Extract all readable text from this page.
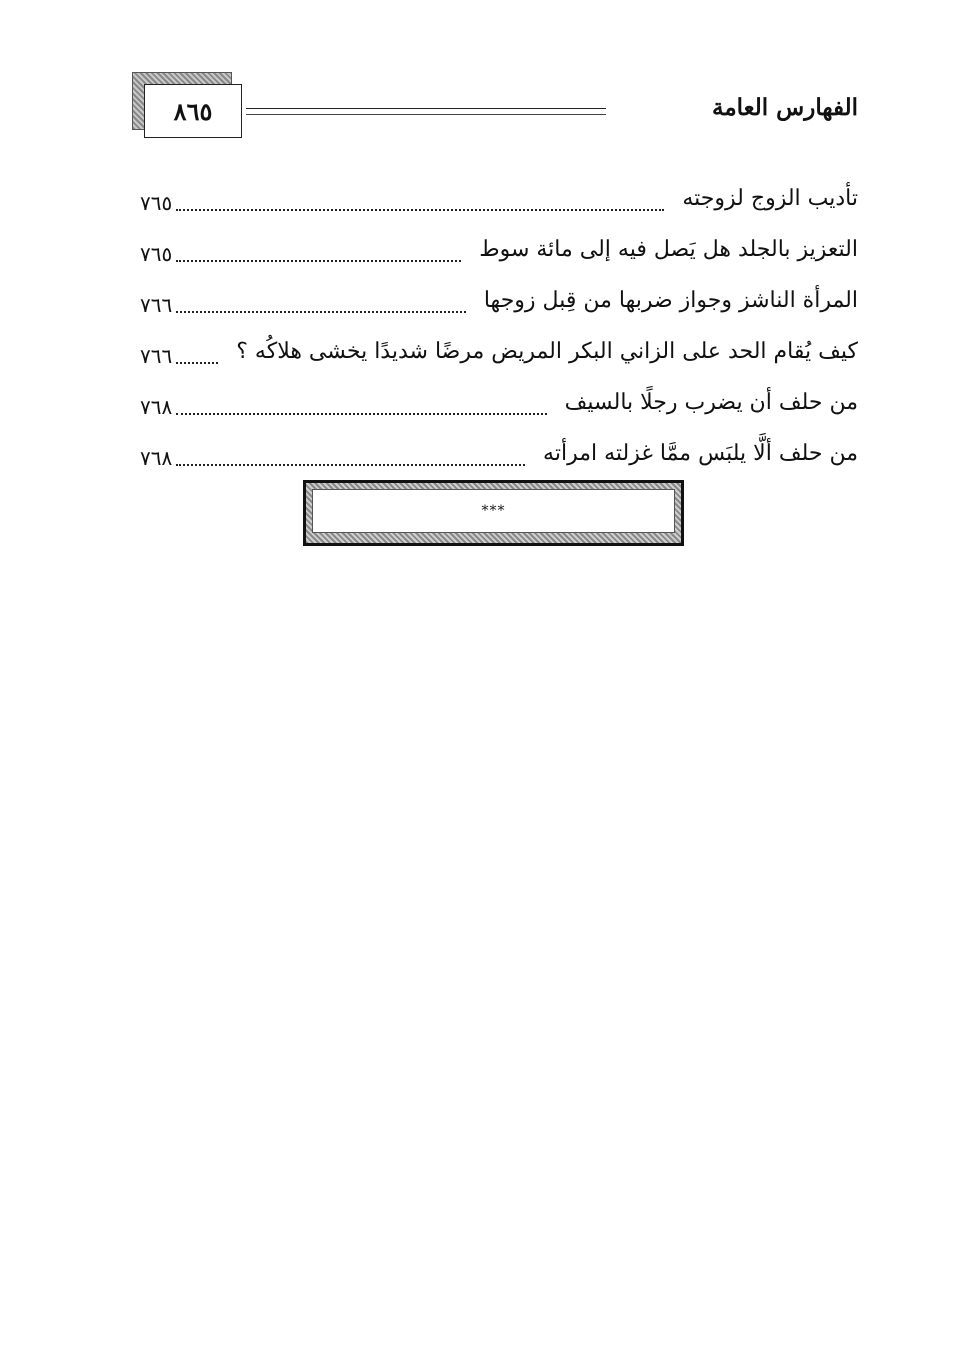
٨٦٥	الفهارس العامة
تأديب الزوج لزوجته
٧٦٥
التعزيز بالجلد هل يَصل فيه إلى مائة سوط
٧٦٥
المرأة الناشز وجواز ضربها من قِبل زوجها
٧٦٦
كيف يُقام الحد على الزاني البكر المريض مرضًا شديدًا يخشى هلاكُه ؟
٧٦٦
من حلف أن يضرب رجلًا بالسيف
٧٦٨
من حلف ألَّا يلبَس ممَّا غزلته امرأته
٧٦٨
***
